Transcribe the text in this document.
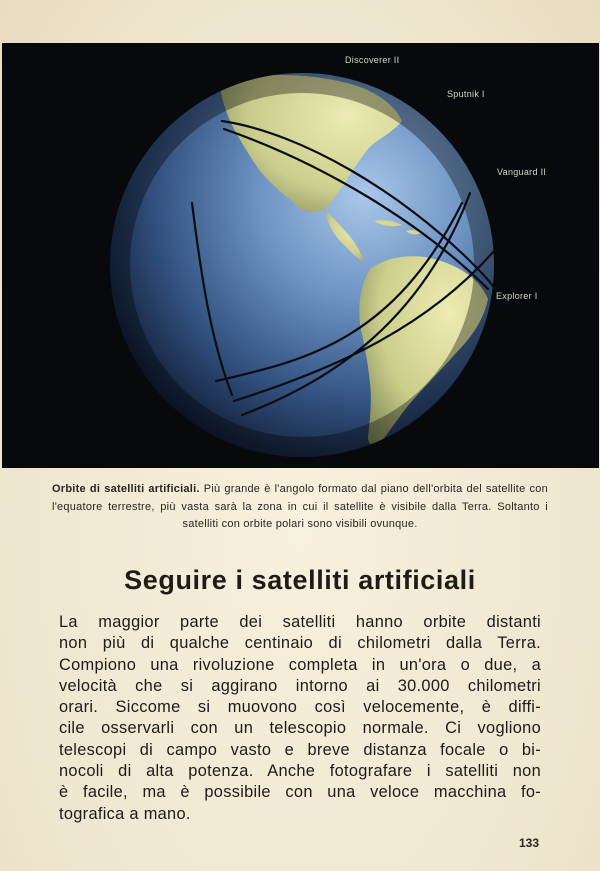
Discoverer II
Sputnik I
Vanguard II
Explorer I
Orbite di satelliti artificiali. Più grande è l'angolo formato dal piano dell'orbita del satellite con l'equatore terrestre, più vasta sarà la zona in cui il satellite è visibile dalla Terra. Soltanto i satelliti con orbite polari sono visibili ovunque.
Seguire i satelliti artificiali
La maggior parte dei satelliti hanno orbite distanti
non più di qualche centinaio di chilometri dalla Terra.
Compiono una rivoluzione completa in un'ora o due, a
velocità che si aggirano intorno ai 30.000 chilometri
orari. Siccome si muovono così velocemente, è diffi-
cile osservarli con un telescopio normale. Ci vogliono
telescopi di campo vasto e breve distanza focale o bi-
nocoli di alta potenza. Anche fotografare i satelliti non
è facile, ma è possibile con una veloce macchina fo-
tografica a mano.
133
